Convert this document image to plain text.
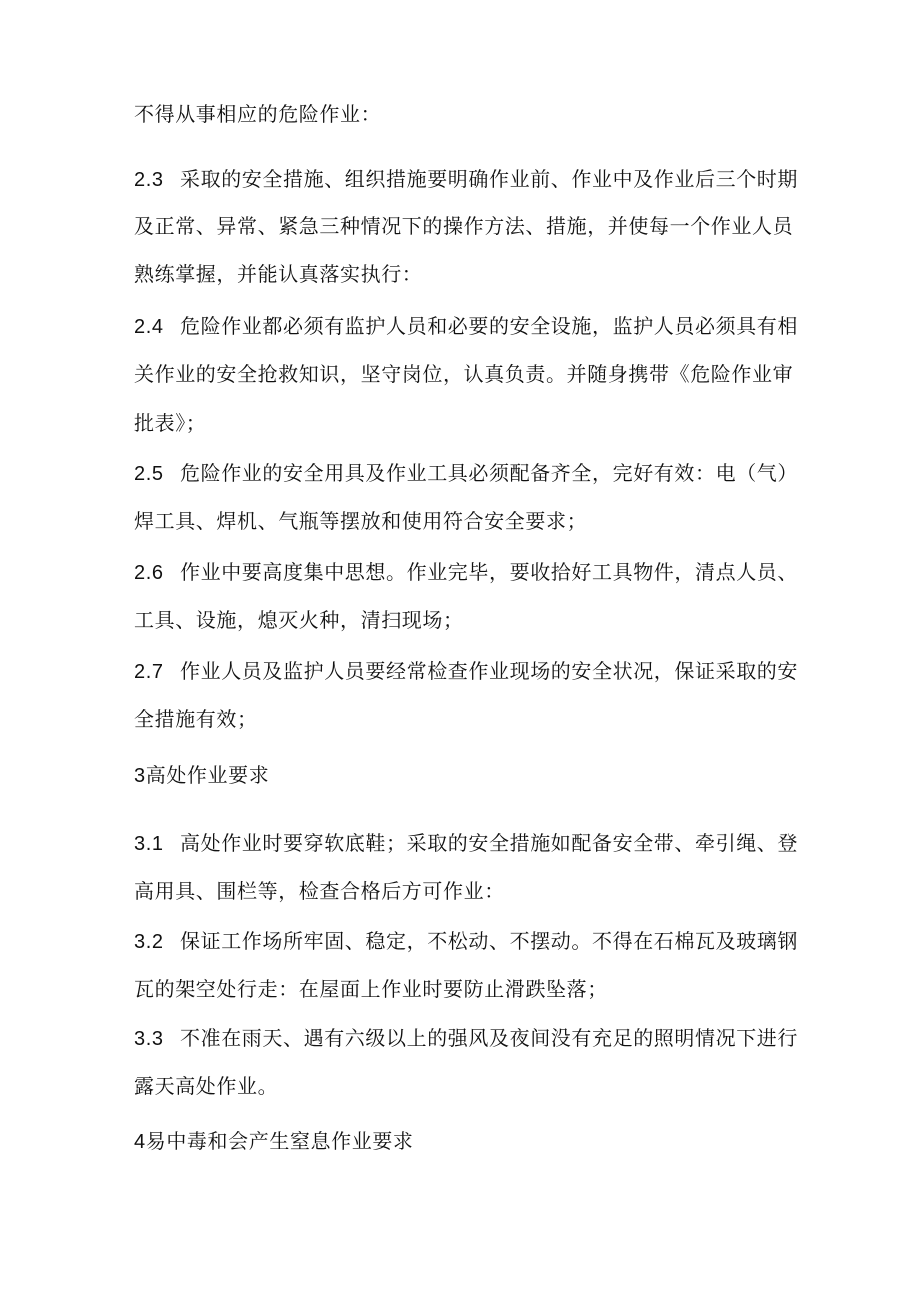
不得从事相应的危险作业：
2.3 采取的安全措施、组织措施要明确作业前、作业中及作业后三个时期
及正常、异常、紧急三种情况下的操作方法、措施，并使每一个作业人员
熟练掌握，并能认真落实执行：
2.4 危险作业都必须有监护人员和必要的安全设施，监护人员必须具有相
关作业的安全抢救知识，坚守岗位，认真负责。并随身携带《危险作业审
批表》；
2.5 危险作业的安全用具及作业工具必须配备齐全，完好有效：电（气）
焊工具、焊机、气瓶等摆放和使用符合安全要求；
2.6 作业中要高度集中思想。作业完毕，要收拾好工具物件，清点人员、
工具、设施，熄灭火种，清扫现场；
2.7 作业人员及监护人员要经常检查作业现场的安全状况，保证采取的安
全措施有效；
3高处作业要求
3.1 高处作业时要穿软底鞋；采取的安全措施如配备安全带、牵引绳、登
高用具、围栏等，检查合格后方可作业：
3.2 保证工作场所牢固、稳定，不松动、不摆动。不得在石棉瓦及玻璃钢
瓦的架空处行走：在屋面上作业时要防止滑跌坠落；
3.3 不准在雨天、遇有六级以上的强风及夜间没有充足的照明情况下进行
露天高处作业。
4易中毒和会产生窒息作业要求
